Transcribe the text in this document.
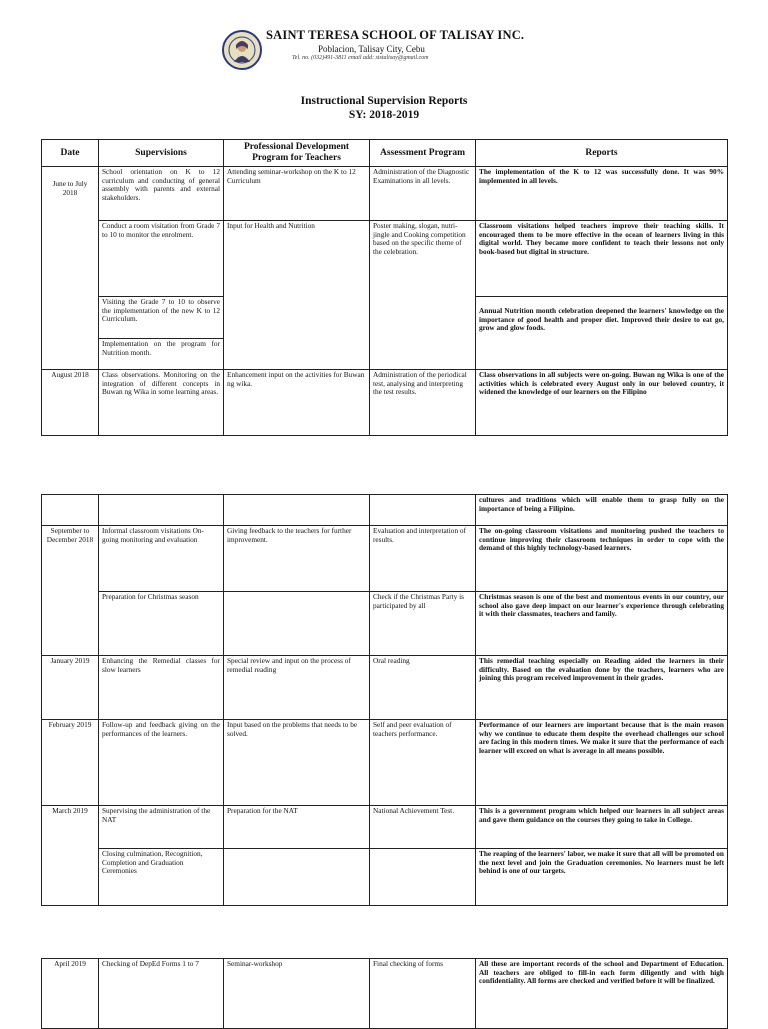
SAINT TERESA SCHOOL OF TALISAY INC.
Poblacion, Talisay City, Cebu
Tel. no. (032)491-3811 email add: ststalisay@gmail.com
Instructional Supervision Reports
SY: 2018-2019
Date	Supervisions	Professional Development Program for Teachers	Assessment Program	Reports
June to July 2018	School orientation on K to 12 curriculum and conducting of general assembly with parents and external stakeholders.	Attending seminar-workshop on the K to 12 Curriculum	Administration of the Diagnostic Examinations in all levels.	The implementation of the K to 12 was successfully done. It was 90% implemented in all levels.
	Conduct a room visitation from Grade 7 to 10 to monitor the enrolment.	Input for Health and Nutrition	Poster making, slogan, nutri-jingle and Cooking competition based on the specific theme of the celebration.	Classroom visitations helped teachers improve their teaching skills. It encouraged them to be more effective in the ocean of learners living in this digital world. They became more confident to teach their lessons not only book-based but digital in structure.
	Visiting the Grade 7 to 10 to observe the implementation of the new K to 12 Curriculum.			Annual Nutrition month celebration deepened the learners' knowledge on the importance of good health and proper diet. Improved their desire to eat go, grow and glow foods.
	Implementation on the program for Nutrition month.			
August 2018	Class observations. Monitoring on the integration of different concepts in Buwan ng Wika in some learning areas.	Enhancement input on the activities for Buwan ng wika.	Administration of the periodical test, analysing and interpreting the test results.	Class observations in all subjects were on-going. Buwan ng Wika is one of the activities which is celebrated every August only in our beloved country, it widened the knowledge of our learners on the Filipino
				cultures and traditions which will enable them to grasp fully on the importance of being a Filipino.
September to December 2018	Informal classroom visitations On-going monitoring and evaluation	Giving feedback to the teachers for further improvement.	Evaluation and interpretation of results.	The on-going classroom visitations and monitoring pushed the teachers to continue improving their classroom techniques in order to cope with the demand of this highly technology-based learners.
	Preparation for Christmas season		Check if the Christmas Party is participated by all	Christmas season is one of the best and momentous events in our country, our school also gave deep impact on our learner's experience through celebrating it with their classmates, teachers and family.
January 2019	Enhancing the Remedial classes for slow learners	Special review and input on the process of remedial reading	Oral reading	This remedial teaching especially on Reading aided the learners in their difficulty. Based on the evaluation done by the teachers, learners who are joining this program received improvement in their grades.
February 2019	Follow-up and feedback giving on the performances of the learners.	Input based on the problems that needs to be solved.	Self and peer evaluation of teachers performance.	Performance of our learners are important because that is the main reason why we continue to educate them despite the overhead challenges our school are facing in this modern times. We make it sure that the performance of each learner will exceed on what is average in all means possible.
March 2019	Supervising the administration of the NAT	Preparation for the NAT	National Achievement Test.	This is a government program which helped our learners in all subject areas and gave them guidance on the courses they going to take in College.
	Closing culmination, Recognition, Completion and Graduation Ceremonies			The reaping of the learners' labor, we make it sure that all will be promoted on the next level and join the Graduation ceremonies. No learners must be left behind is one of our targets.
April 2019	Checking of DepEd Forms 1 to 7	Seminar-workshop	Final checking of forms	All these are important records of the school and Department of Education. All teachers are obliged to fill-in each form diligently and with high confidentiality. All forms are checked and verified before it will be finalized.
